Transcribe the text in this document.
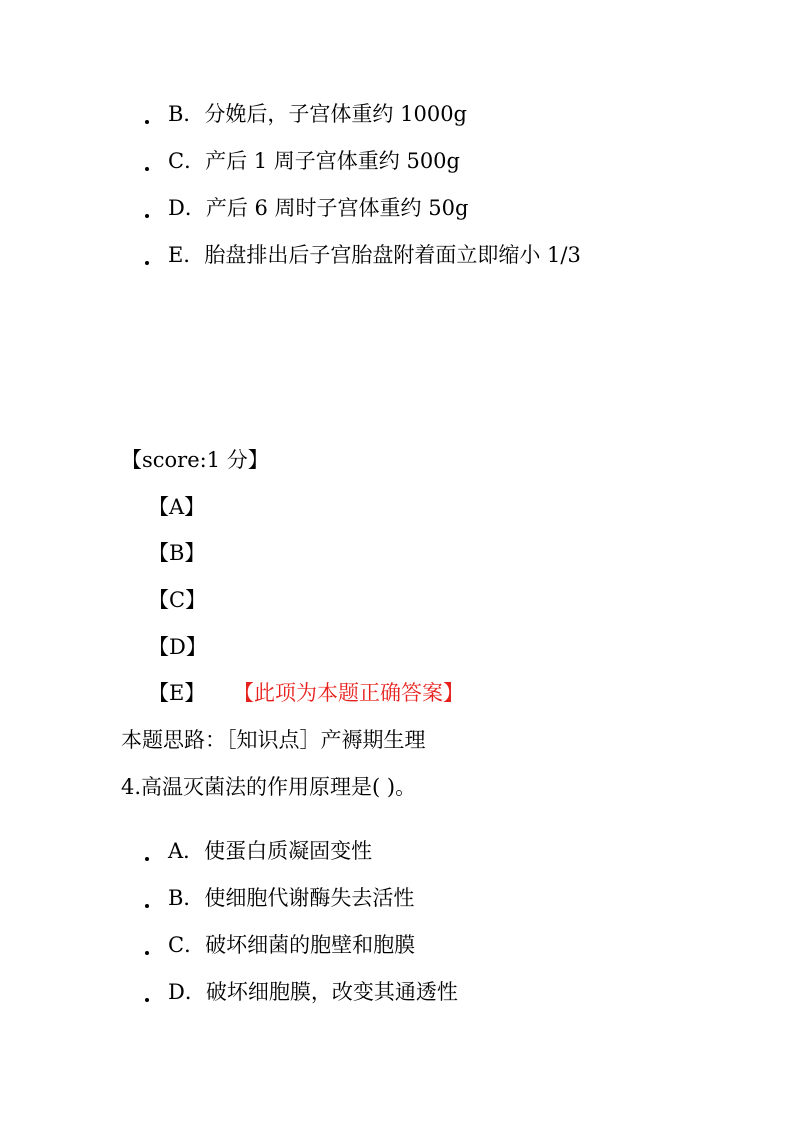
B．分娩后，子宫体重约 1000g
C．产后 1 周子宫体重约 500g
D．产后 6 周时子宫体重约 50g
E．胎盘排出后子宫胎盘附着面立即缩小 1/3
【score:1 分】
【A】
【B】
【C】
【D】
【E】 【此项为本题正确答案】
本题思路：［知识点］产褥期生理
4.高温灭菌法的作用原理是( )。
A．使蛋白质凝固变性
B．使细胞代谢酶失去活性
C．破坏细菌的胞壁和胞膜
D．破坏细胞膜，改变其通透性
